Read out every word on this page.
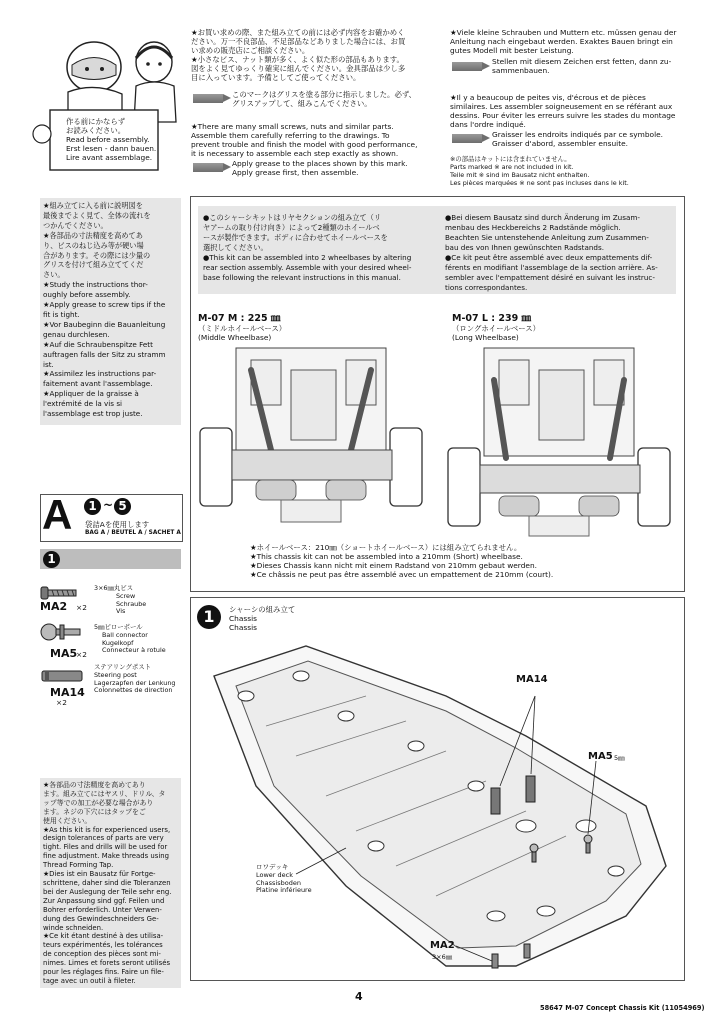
作る前にかならず
お読みください。
Read before assembly.
Erst lesen - dann bauen.
Lire avant assemblage.
★お買い求めの際、また組み立ての前には必ず内容をお確かめく
ださい。万一不良部品、不足部品などありました場合には、お買
い求めの販売店にご相談ください。
★小さなビス、ナット類が多く、よく似た形の部品もあります。
図をよく見てゆっくり確実に組んでください。金具部品は少し多
目に入っています。予備としてご使ってください。
このマークはグリスを塗る部分に指示しました。必ず、
グリスアップして、組みこんでください。
★There are many small screws, nuts and similar parts.
Assemble them carefully referring to the drawings. To
prevent trouble and finish the model with good performance,
it is necessary to assemble each step exactly as shown.
Apply grease to the places shown by this mark.
Apply grease first, then assemble.
★Viele kleine Schrauben und Muttern etc. müssen genau der
Anleitung nach eingebaut werden. Exaktes Bauen bringt ein
gutes Modell mit bester Leistung.
Stellen mit diesem Zeichen erst fetten, dann zu-
sammenbauen.
★Il y a beaucoup de peites vis, d'écrous et de pièces
similaires. Les assembler soigneusement en se référant aux
dessins. Pour éviter les erreurs suivre les stades du montage
dans l'ordre indiqué.
Graisser les endroits indiqués par ce symbole.
Graisser d'abord, assembler ensuite.
※の部品はキットには含まれていません。
Parts marked ※ are not included in kit.
Teile mit ※ sind im Bausatz nicht enthalten.
Les pièces marquées ※ ne sont pas incluses dans le kit.
★組み立てに入る前に説明図を
最後までよく見て、全体の流れを
つかんでください。
★各部品の寸法精度を高めてあ
り、ビスのねじ込み等が硬い場
合があります。その際には少量の
グリスを付けて組み立ててくだ
さい。
★Study the instructions thor-
oughly before assembly.
★Apply grease to screw tips if the
fit is tight.
★Vor Baubeginn die Bauanleitung
genau durchlesen.
★Auf die Schraubenspitze Fett
auftragen falls der Sitz zu stramm
ist.
★Assimilez les instructions par-
faitement avant l'assemblage.
★Appliquer de la graisse à
l'extrémité de la vis si
l'assemblage est trop juste.
●このシャーシキットはリヤセクションの組み立て（リ
ヤアームの取り付け向き）によって2種類のホイールベ
ースが製作できます。ボディに合わせてホイールベースを
選択してください。
●This kit can be assembled into 2 wheelbases by altering
rear section assembly. Assemble with your desired wheel-
base following the relevant instructions in this manual.
●Bei diesem Bausatz sind durch Änderung im Zusam-
menbau des Heckbereichs 2 Radstände möglich.
Beachten Sie untenstehende Anleitung zum Zusammen-
bau des von Ihnen gewünschten Radstands.
●Ce kit peut être assemblé avec deux empattements dif-
férents en modifiant l'assemblage de la section arrière. As-
sembler avec l'empattement désiré en suivant les instruc-
tions correspondantes.
M-07 M : 225 ㎜
（ミドルホイールベース）
(Middle Wheelbase)
M-07 L : 239 ㎜
（ロングホイールベース）
(Long Wheelbase)
★ホイールベース：210㎜（ショートホイールベース）には組み立てられません。
★This chassis kit can not be assembled into a 210mm (Short) wheelbase.
★Dieses Chassis kann nicht mit einem Radstand von 210mm gebaut werden.
★Ce châssis ne peut pas être assemblé avec un empattement de 210mm (court).
A	1 ~ 5
袋詰Aを使用します
BAG A / BEUTEL A / SACHET A
1
MA2 ×2
3×6㎜丸ビス
Screw
Schraube
Vis
MA5
×2
5㎜ピローボール
Ball connector
Kugelkopf
Connecteur à rotule
MA14
×2
ステアリングポスト
Steering post
Lagerzapfen der Lenkung
Colonnettes de direction
★各部品の寸法精度を高めてあり
ます。組み立てにはヤスリ、ドリル、タ
ップ等での加工が必要な場合があり
ます。ネジの下穴にはタップをご
使用ください。
★As this kit is for experienced users,
design tolerances of parts are very
tight. Files and drills will be used for
fine adjustment. Make threads using
Thread Forming Tap.
★Dies ist ein Bausatz für Fortge-
schrittene, daher sind die Toleranzen
bei der Auslegung der Teile sehr eng.
Zur Anpassung sind ggf. Feilen und
Bohrer erforderlich. Unter Verwen-
dung des Gewindeschneiders Ge-
winde schneiden.
★Ce kit étant destiné à des utilisa-
teurs expérimentés, les tolérances
de conception des pièces sont mi-
nimes. Limes et forets seront utilisés
pour les réglages fins. Faire un file-
tage avec un outil à fileter.
1	シャーシの組み立て
Chassis
Chassis
MA14
MA5 5㎜
MA2
3×6㎜
ロワデッキ
Lower deck
Chassisboden
Platine inférieure
4
58647 M-07 Concept Chassis Kit (11054969)
